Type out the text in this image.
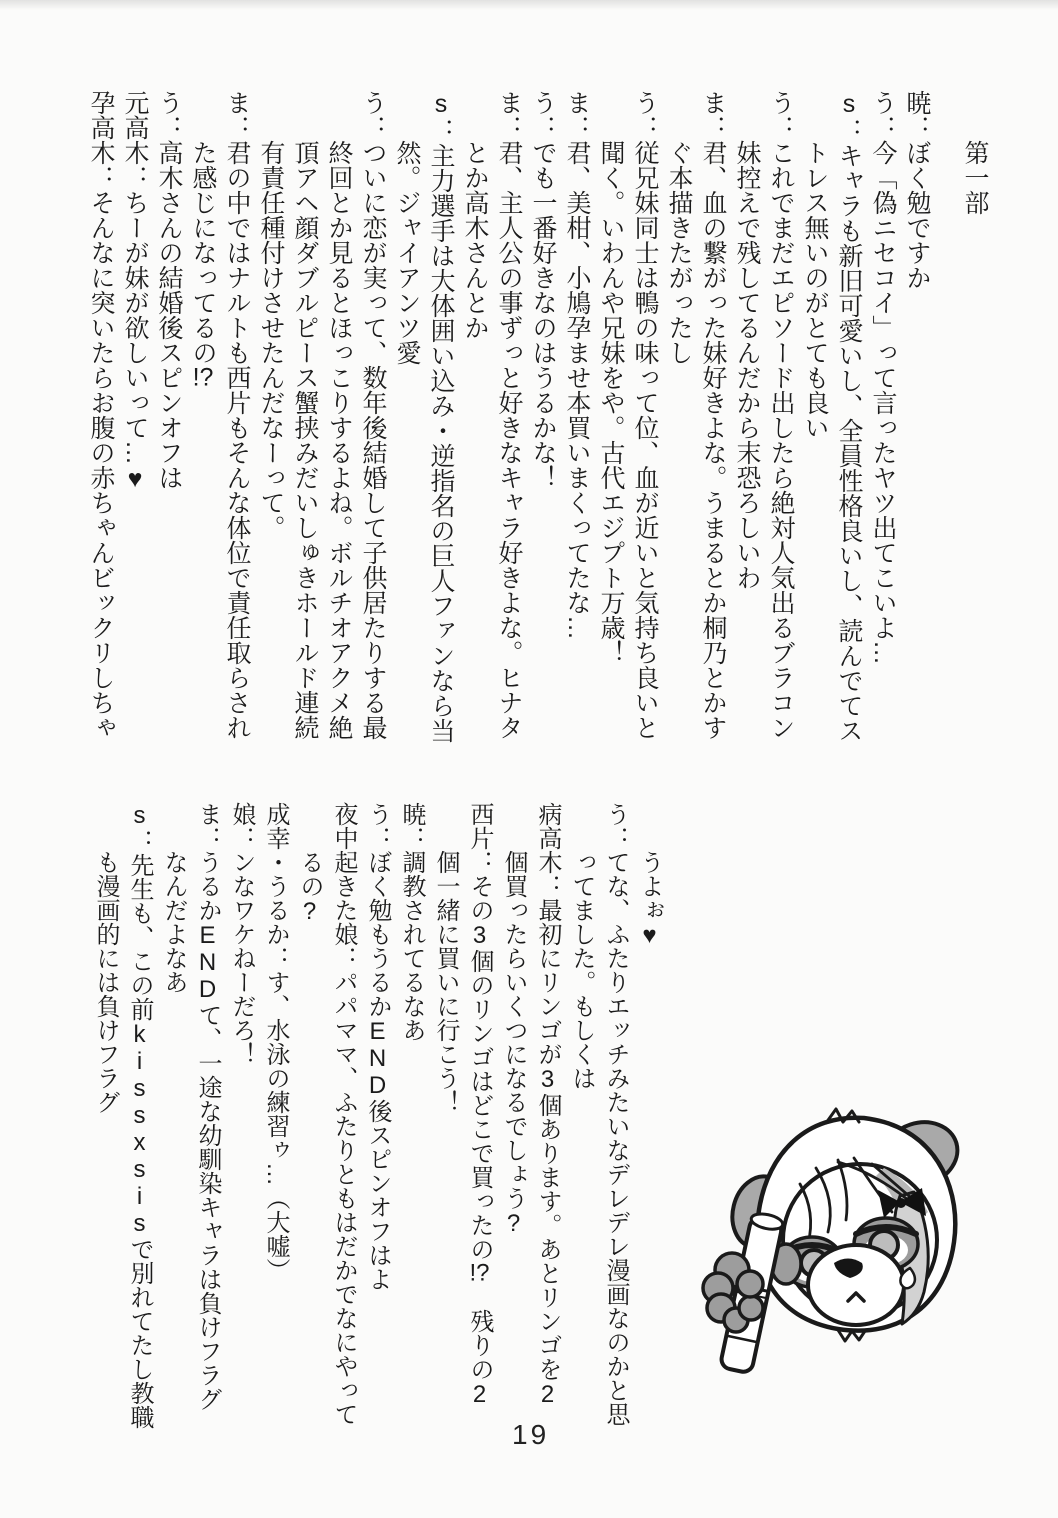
第一部

暁：ぼく勉ですか

う：今「偽ニセコイ」って言ったヤツ出てこいよ…

s：キャラも新旧可愛いし、全員性格良いし、読んでてストレス無いのがとても良い

う：これでまだエピソード出したら絶対人気出るブラコン妹控えで残してるんだから末恐ろしいわ

ま：君、血の繋がった妹好きよな。うまるとか桐乃とかすぐ本描きたがったし

う：従兄妹同士は鴨の味って位、血が近いと気持ち良いと聞く。いわんや兄妹をや。古代エジプト万歳！

ま：君、美柑、小鳩孕ませ本買いまくってたな…

う：でも一番好きなのはうるかな！

ま：君、主人公の事ずっと好きなキャラ好きよな。ヒナタとか高木さんとか

s：主力選手は大体囲い込み・逆指名の巨人ファンなら当然。ジャイアンツ愛

う：ついに恋が実って、数年後結婚して子供居たりする最終回とか見るとほっこりするよね。ボルチオアクメ絶頂アヘ顔ダブルピース蟹挟みだいしゅきホールド連続有責任種付けさせたんだなーって。

ま：君の中ではナルトも西片もそんな体位で責任取らされた感じになってるの!?

う：高木さんの結婚後スピンオフは

元高木：ちーが妹が欲しいって…♥

孕高木：そんなに突いたらお腹の赤ちゃんビックリしちゃ

うよぉ♥

う：てな、ふたりエッチみたいなデレデレ漫画なのかと思ってました。もしくは

病高木：最初にリンゴが3個あります。あとリンゴを2個買ったらいくつになるでしょう?

西片：その3個のリンゴはどこで買ったの!?　残りの2個一緒に買いに行こう！

暁：調教されてるなあ

う：ぼく勉もうるかEND後スピンオフはよ

夜中起きた娘：パパママ、ふたりともはだかでなにやってるの?

成幸・うるか：す、水泳の練習ゥ…（大嘘）

娘：ンなワケねーだろ！

ま：うるかENDて、一途な幼馴染キャラは負けフラグなんだよなあ

s：先生も、この前kissxsisで別れてたし教職も漫画的には負けフラグ

19
